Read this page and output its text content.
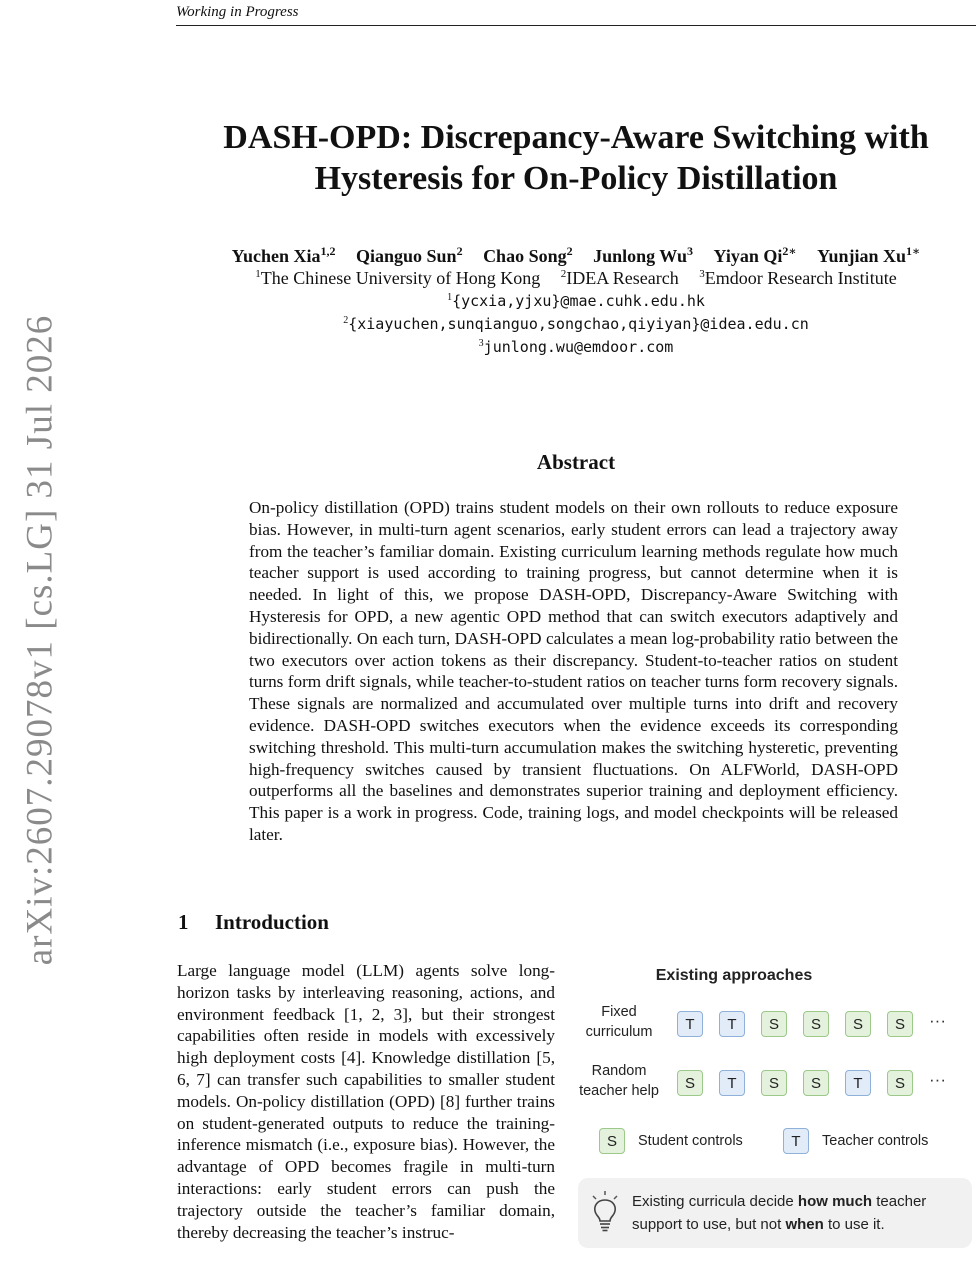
Working in Progress
arXiv:2607.29078v1 [cs.LG] 31 Jul 2026
DASH-OPD: Discrepancy-Aware Switching with
Hysteresis for On-Policy Distillation
Yuchen Xia$^{1,2}$ Qianguo Sun$^2$ Chao Song$^2$ Junlong Wu$^3$ Yiyan $Qi^{2∗}$ Yunjian $Xu^{1∗}$
$^1$The Chinese University of Hong Kong $^2$IDEA Research $^3$Emdoor Research Institute
$^1${ycxia,yjxu}@mae.cuhk.edu.hk
$^2${xiayuchen,sunqianguo,songchao,qiyiyan}@idea.edu.cn
$^3$junlong.wu@emdoor.com
Abstract
On-policy distillation (OPD) trains student models on their own rollouts to reduce exposure bias. However, in multi-turn agent scenarios, early student errors can lead a trajectory away from the teacher’s familiar domain. Existing curriculum learning methods regulate how much teacher support is used according to training progress, but cannot determine when it is needed. In light of this, we propose DASH-OPD, Discrepancy-Aware Switching with Hysteresis for OPD, a new agentic OPD method that can switch executors adaptively and bidirectionally. On each turn, DASH-OPD calculates a mean log-probability ratio between the two executors over action tokens as their discrepancy. Student-to-teacher ratios on student turns form drift signals, while teacher-to-student ratios on teacher turns form recovery signals. These signals are normalized and accumulated over multiple turns into drift and recovery evidence. DASH-OPD switches executors when the evidence exceeds its corresponding switching threshold. This multi-turn accumulation makes the switching hysteretic, preventing high-frequency switches caused by transient fluctuations. On ALFWorld, DASH-OPD outperforms all the baselines and demonstrates superior training and deployment efficiency. This paper is a work in progress. Code, training logs, and model checkpoints will be released later.
1 Introduction
Large language model (LLM) agents solve long-horizon tasks by interleaving reasoning, actions, and environment feedback [1, 2, 3], but their strongest capabilities often reside in models with excessively high deployment costs [4]. Knowledge distillation [5, 6, 7] can transfer such capabilities to smaller student models. On-policy distillation (OPD) [8] further trains on student-generated outputs to reduce the training-inference mismatch (i.e., exposure bias). However, the advantage of OPD becomes fragile in multi-turn interactions: early student errors can push the trajectory outside the teacher’s familiar domain, thereby decreasing the teacher’s instruc-
Existing approaches
Fixed
curriculum	T	T	S	S	S	S	···
Random
teacher help	S	T	S	S	T	S	···
S	Student controls	T	Teacher controls
Existing curricula decide how much teacher support to use, but not when to use it.
